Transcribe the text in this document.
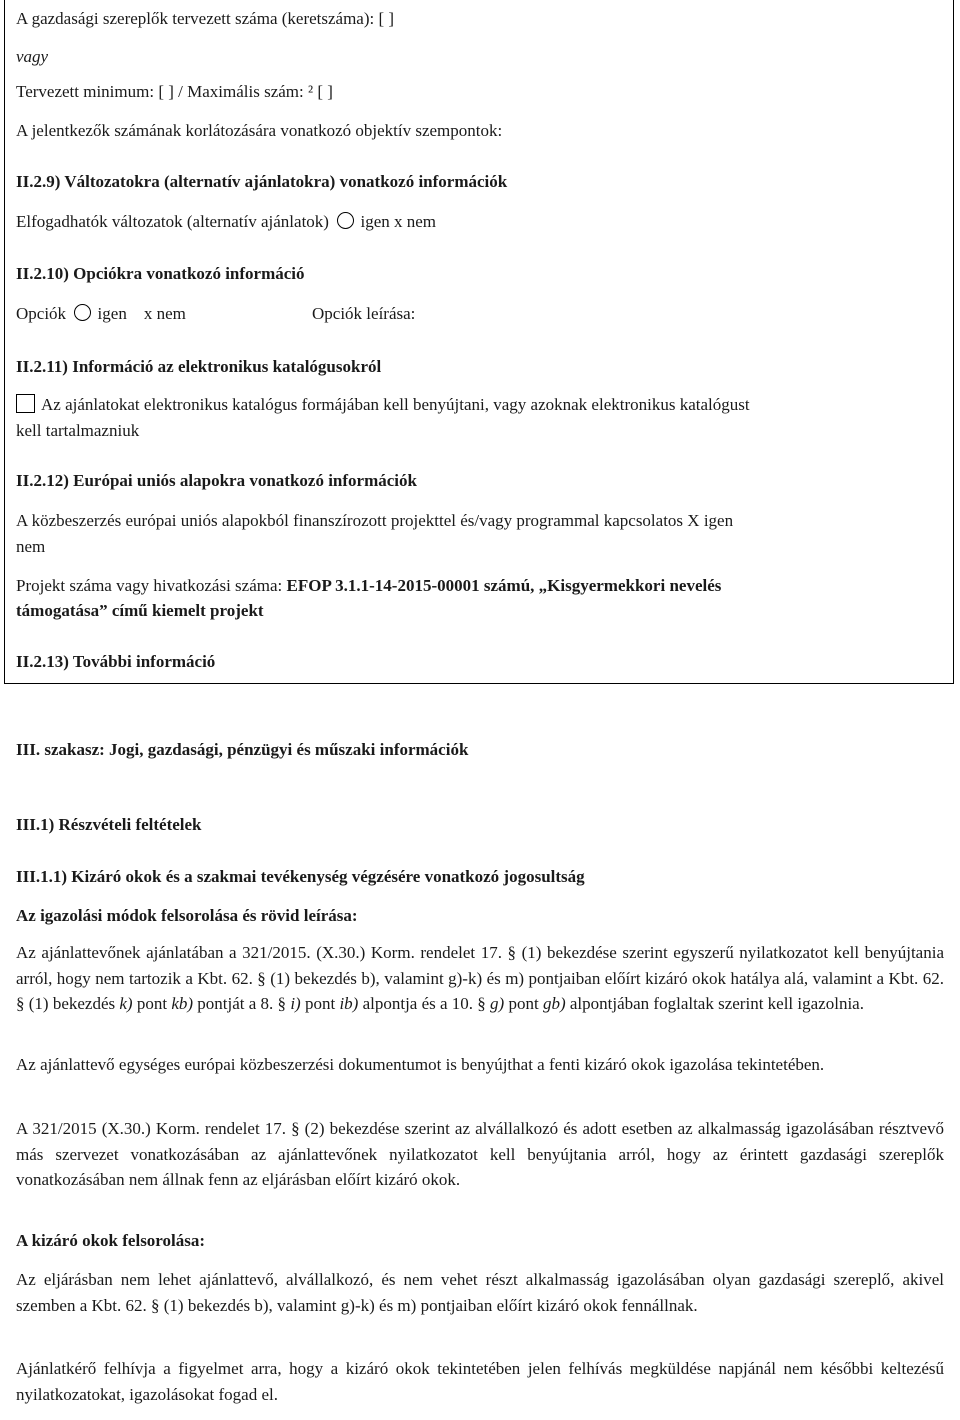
A gazdasági szereplők tervezett száma (keretszáma): [ ]
vagy
Tervezett minimum: [ ] / Maximális szám: ² [ ]
A jelentkezők számának korlátozására vonatkozó objektív szempontok:
II.2.9) Változatokra (alternatív ajánlatokra) vonatkozó információk
Elfogadhatók változatok (alternatív ajánlatok) igen x nem
II.2.10) Opciókra vonatkozó információ
Opciók igen    x nem	Opciók leírása:
II.2.11) Információ az elektronikus katalógusokról
Az ajánlatokat elektronikus katalógus formájában kell benyújtani, vagy azoknak elektronikus katalógust
kell tartalmazniuk
II.2.12) Európai uniós alapokra vonatkozó információk
A közbeszerzés európai uniós alapokból finanszírozott projekttel és/vagy programmal kapcsolatos X igen
nem
Projekt száma vagy hivatkozási száma: EFOP 3.1.1-14-2015-00001 számú, „Kisgyermekkori nevelés
támogatása” című kiemelt projekt
II.2.13) További információ
III. szakasz: Jogi, gazdasági, pénzügyi és műszaki információk
III.1) Részvételi feltételek
III.1.1) Kizáró okok és a szakmai tevékenység végzésére vonatkozó jogosultság
Az igazolási módok felsorolása és rövid leírása:
Az ajánlattevőnek ajánlatában a 321/2015. (X.30.) Korm. rendelet 17. § (1) bekezdése szerint egyszerű nyilatkozatot kell benyújtania arról, hogy nem tartozik a Kbt. 62. § (1) bekezdés b), valamint g)-k) és m) pontjaiban előírt kizáró okok hatálya alá, valamint a Kbt. 62. § (1) bekezdés k) pont kb) pontját a 8. § i) pont ib) alpontja és a 10. § g) pont gb) alpontjában foglaltak szerint kell igazolnia.
Az ajánlattevő egységes európai közbeszerzési dokumentumot is benyújthat a fenti kizáró okok igazolása tekintetében.
A 321/2015 (X.30.) Korm. rendelet 17. § (2) bekezdése szerint az alvállalkozó és adott esetben az alkalmasság igazolásában résztvevő más szervezet vonatkozásában az ajánlattevőnek nyilatkozatot kell benyújtania arról, hogy az érintett gazdasági szereplők vonatkozásában nem állnak fenn az eljárásban előírt kizáró okok.
A kizáró okok felsorolása:
Az eljárásban nem lehet ajánlattevő, alvállalkozó, és nem vehet részt alkalmasság igazolásában olyan gazdasági szereplő, akivel szemben a Kbt. 62. § (1) bekezdés b), valamint g)-k) és m) pontjaiban előírt kizáró okok fennállnak.
Ajánlatkérő felhívja a figyelmet arra, hogy a kizáró okok tekintetében jelen felhívás megküldése napjánál nem későbbi keltezésű nyilatkozatokat, igazolásokat fogad el.
